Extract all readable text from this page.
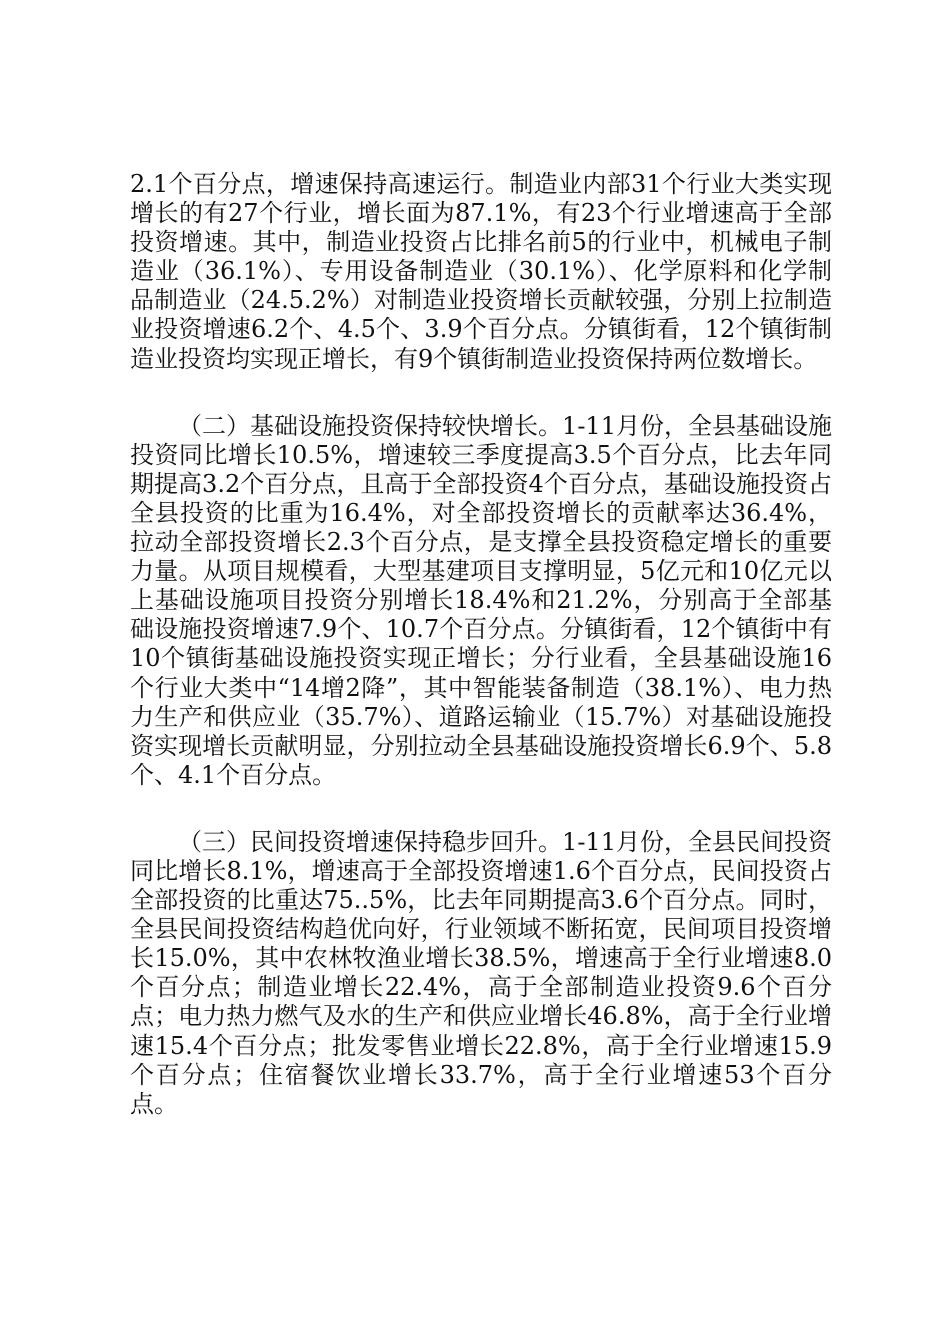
2.1个百分点，增速保持高速运行。制造业内部31个行业大类实现增长的有27个行业，增长面为87.1%，有23个行业增速高于全部投资增速。其中，制造业投资占比排名前5的行业中，机械电子制造业（36.1%）、专用设备制造业（30.1%）、化学原料和化学制品制造业（24.5.2%）对制造业投资增长贡献较强，分别上拉制造业投资增速6.2个、4.5个、3.9个百分点。分镇街看，12个镇街制造业投资均实现正增长，有9个镇街制造业投资保持两位数增长。

（二）基础设施投资保持较快增长。1-11月份，全县基础设施投资同比增长10.5%，增速较三季度提高3.5个百分点，比去年同期提高3.2个百分点，且高于全部投资4个百分点，基础设施投资占全县投资的比重为16.4%，对全部投资增长的贡献率达36.4%，拉动全部投资增长2.3个百分点，是支撑全县投资稳定增长的重要力量。从项目规模看，大型基建项目支撑明显，5亿元和10亿元以上基础设施项目投资分别增长18.4%和21.2%，分别高于全部基础设施投资增速7.9个、10.7个百分点。分镇街看，12个镇街中有10个镇街基础设施投资实现正增长；分行业看，全县基础设施16个行业大类中“14增2降”，其中智能装备制造（38.1%）、电力热力生产和供应业（35.7%）、道路运输业（15.7%）对基础设施投资实现增长贡献明显，分别拉动全县基础设施投资增长6.9个、5.8个、4.1个百分点。

（三）民间投资增速保持稳步回升。1-11月份，全县民间投资同比增长8.1%，增速高于全部投资增速1.6个百分点，民间投资占全部投资的比重达75..5%，比去年同期提高3.6个百分点。同时，全县民间投资结构趋优向好，行业领域不断拓宽，民间项目投资增长15.0%，其中农林牧渔业增长38.5%，增速高于全行业增速8.0个百分点；制造业增长22.4%，高于全部制造业投资9.6个百分点；电力热力燃气及水的生产和供应业增长46.8%，高于全行业增速15.4个百分点；批发零售业增长22.8%，高于全行业增速15.9个百分点；住宿餐饮业增长33.7%，高于全行业增速53个百分点。
